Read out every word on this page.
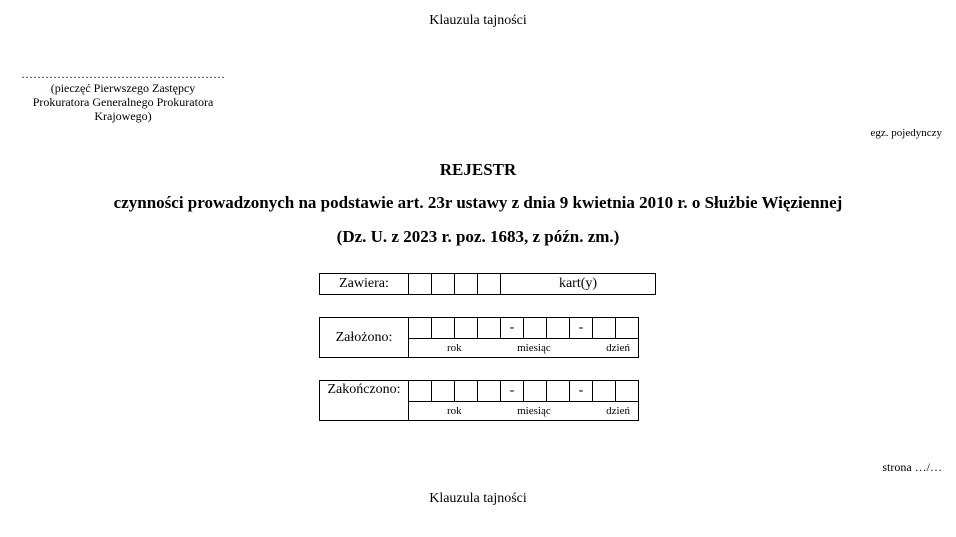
Klauzula tajności
……………………………………………
(pieczęć Pierwszego Zastępcy
Prokuratora Generalnego Prokuratora
Krajowego)
egz. pojedynczy
REJESTR
czynności prowadzonych na podstawie art. 23r ustawy z dnia 9 kwietnia 2010 r. o Służbie Więziennej
(Dz. U. z 2023 r. poz. 1683, z późn. zm.)
Zawiera:					kart(y)
Założono:					-			-		

rok	miesiąc	dzień
Zakończono:					-			-		

rok	miesiąc	dzień
strona …/…
Klauzula tajności
